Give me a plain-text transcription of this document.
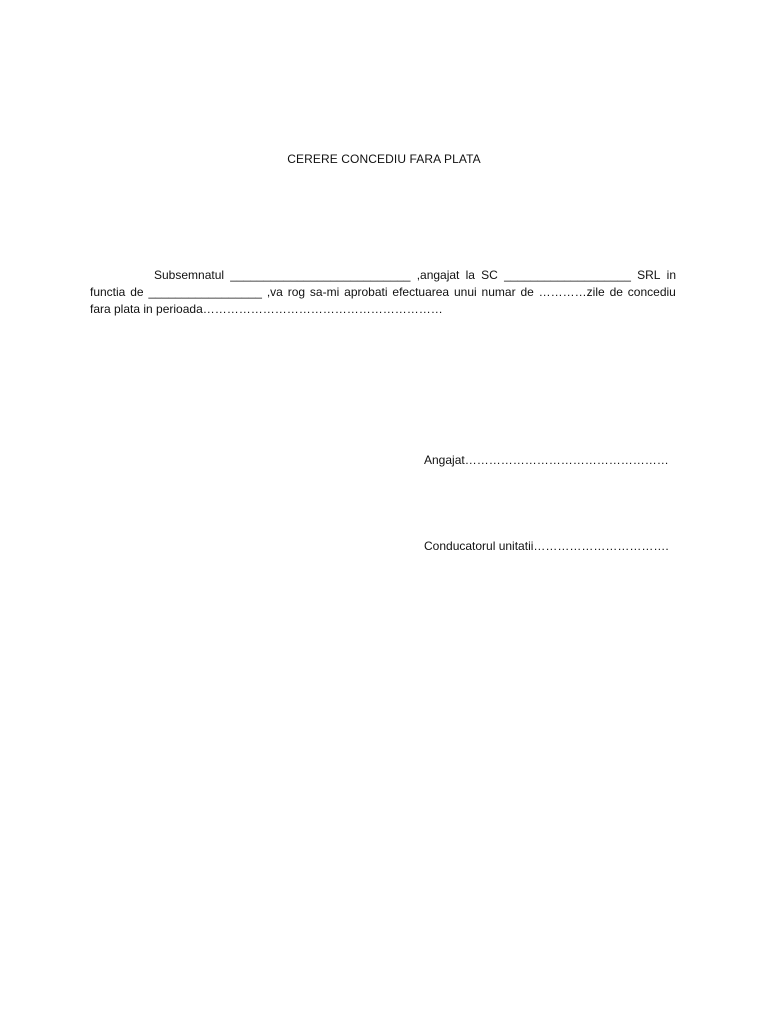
CERERE CONCEDIU FARA PLATA
Subsemnatul ___________________________ ,angajat la SC ___________________ SRL in
functia de _________________ ,va rog sa-mi aprobati efectuarea unui numar de …………zile de concediu
fara plata in perioada……………………………………………………
Angajat……………………………………………
Conducatorul unitatii…………………………….
